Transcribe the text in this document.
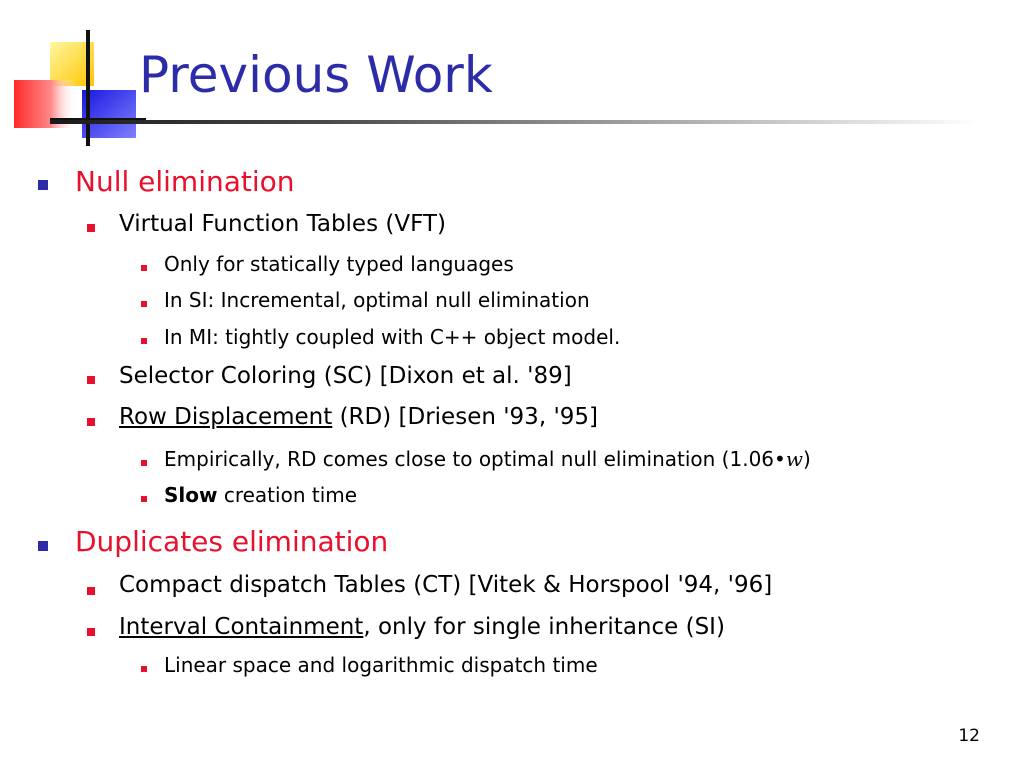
Previous Work
Null elimination
Virtual Function Tables (VFT)
Only for statically typed languages
In SI: Incremental, optimal null elimination
In MI: tightly coupled with C++ object model.
Selector Coloring (SC) [Dixon et al. '89]
Row Displacement (RD) [Driesen '93, '95]
Empirically, RD comes close to optimal null elimination (1.06•w)
Slow creation time
Duplicates elimination
Compact dispatch Tables (CT) [Vitek & Horspool '94, '96]
Interval Containment, only for single inheritance (SI)
Linear space and logarithmic dispatch time
12
